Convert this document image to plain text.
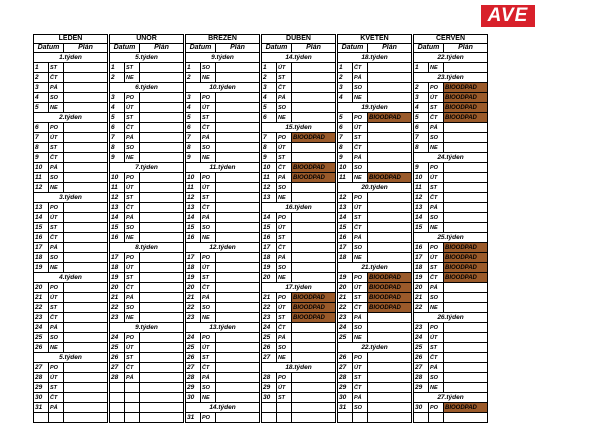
AVE
LEDEN				ÚNOR				BŘEZEN				DUBEN				KVĚTEN				ČERVEN		
Datum		Plán		Datum		Plán		Datum		Plán		Datum		Plán		Datum		Plán		Datum		Plán
1.týden				5.týden				9.týden				14.týden				18.týden				22.týden		
1	ST			1	ST			1	SO			1	ÚT			1	ČT			1	NE	
2	ČT			2	NE			2	NE			2	ST			2	PÁ			23.týden		
3	PÁ			6.týden				10.týden				3	ČT			3	SO			2	PO	BIOODPAD
4	SO			3	PO			3	PO			4	PÁ			4	NE			3	ÚT	BIOODPAD
5	NE			4	ÚT			4	ÚT			5	SO			19.týden				4	ST	BIOODPAD
2.týden				5	ST			5	ST			6	NE			5	PO	BIOODPAD		5	ČT	BIOODPAD
6	PO			6	ČT			6	ČT			15.týden				6	ÚT			6	PÁ	
7	ÚT			7	PÁ			7	PÁ			7	PO	BIOODPAD		7	ST			7	SO	
8	ST			8	SO			8	SO			8	ÚT			8	ČT			8	NE	
9	ČT			9	NE			9	NE			9	ST			9	PÁ			24.týden		
10	PÁ			7.týden				11.týden				10	ČT	BIOODPAD		10	SO			9	PO	
11	SO			10	PO			10	PO			11	PÁ	BIOODPAD		11	NE	BIOODPAD		10	ÚT	
12	NE			11	ÚT			11	ÚT			12	SO			20.týden				11	ST	
3.týden				12	ST			12	ST			13	NE			12	PO			12	ČT	
13	PO			13	ČT			13	ČT			16.týden				13	ÚT			13	PÁ	
14	ÚT			14	PÁ			14	PÁ			14	PO			14	ST			14	SO	
15	ST			15	SO			15	SO			15	ÚT			15	ČT			15	NE	
16	ČT			16	NE			16	NE			16	ST			16	PÁ			25.týden		
17	PÁ			8.týden				12.týden				17	ČT			17	SO			16	PO	BIOODPAD
18	SO			17	PO			17	PO			18	PÁ			18	NE			17	ÚT	BIOODPAD
19	NE			18	ÚT			18	ÚT			19	SO			21.týden				18	ST	BIOODPAD
4.týden				19	ST			19	ST			20	NE			19	PO	BIOODPAD		19	ČT	BIOODPAD
20	PO			20	ČT			20	ČT			17.týden				20	ÚT	BIOODPAD		20	PÁ	
21	ÚT			21	PÁ			21	PÁ			21	PO	BIOODPAD		21	ST	BIOODPAD		21	SO	
22	ST			22	SO			22	SO			22	ÚT	BIOODPAD		22	ČT	BIOODPAD		22	NE	
23	ČT			23	NE			23	NE			23	ST	BIOODPAD		23	PÁ			26.týden		
24	PÁ			9.týden				13.týden				24	ČT			24	SO			23	PO	
25	SO			24	PO			24	PO			25	PÁ			25	NE			24	ÚT	
26	NE			25	ÚT			25	ÚT			26	SO			22.týden				25	ST	
5.týden				26	ST			26	ST			27	NE			26	PO			26	ČT	
27	PO			27	ČT			27	ČT			18.týden				27	ÚT			27	PÁ	
28	ÚT			28	PÁ			28	PÁ			28	PO			28	ST			28	SO	
29	ST							29	SO			29	ÚT			29	ČT			29	NE	
30	ČT							30	NE			30	ST			30	PÁ			27.týden		
31	PÁ							14.týden								31	SO			30	PO	BIOODPAD
								31	PO													
